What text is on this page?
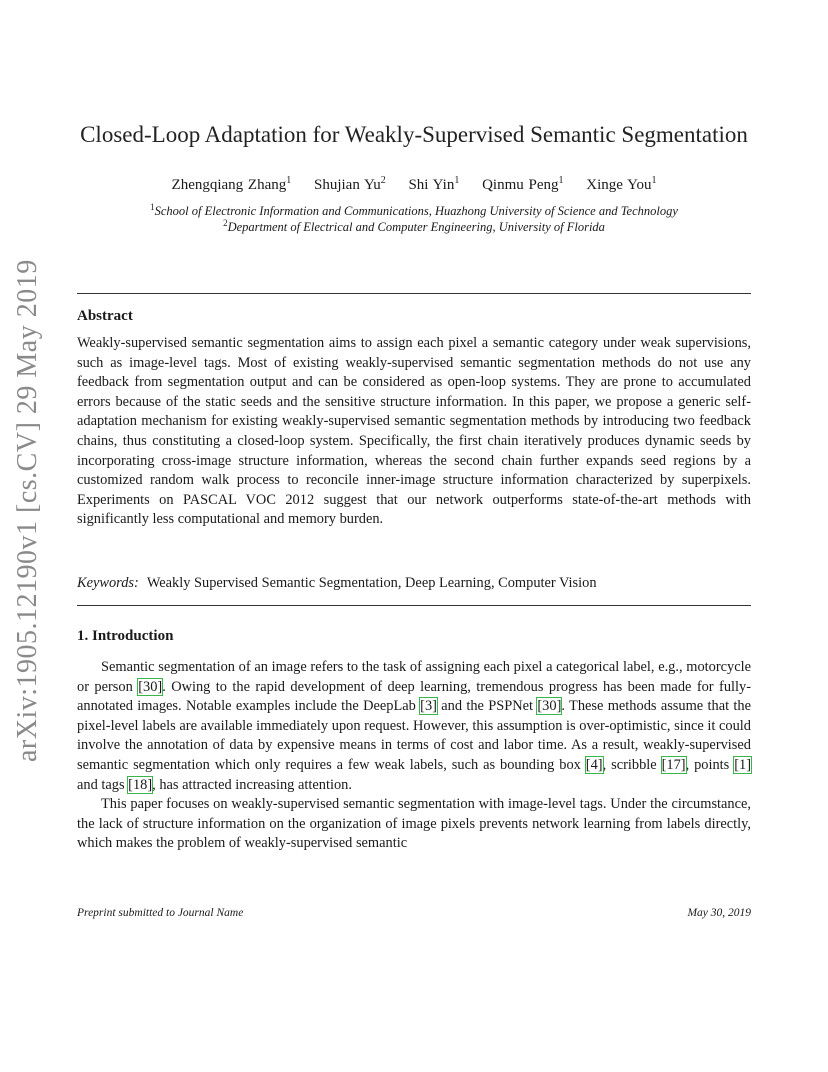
arXiv:1905.12190v1 [cs.CV] 29 May 2019
Closed-Loop Adaptation for Weakly-Supervised Semantic Segmentation
Zhengqiang Zhang$^1$ Shujian Yu$^2$ Shi Yin$^1$ Qinmu Peng$^1$ Xinge You$^1$
$^1$School of Electronic Information and Communications, Huazhong University of Science and Technology
$^2$Department of Electrical and Computer Engineering, University of Florida
Abstract

Weakly-supervised semantic segmentation aims to assign each pixel a semantic category under weak supervisions, such as image-level tags. Most of existing weakly-supervised semantic segmentation methods do not use any feedback from segmentation output and can be considered as open-loop systems. They are prone to accumulated errors because of the static seeds and the sensitive structure information. In this paper, we propose a generic self-adaptation mechanism for existing weakly-supervised semantic segmentation methods by introducing two feedback chains, thus constituting a closed-loop system. Specifically, the first chain iteratively produces dynamic seeds by incorporating cross-image structure information, whereas the second chain further expands seed regions by a customized random walk process to reconcile inner-image structure information characterized by superpixels. Experiments on PASCAL VOC 2012 suggest that our network outperforms state-of-the-art methods with significantly less computational and memory burden.

Keywords: Weakly Supervised Semantic Segmentation, Deep Learning, Computer Vision
1. Introduction

Semantic segmentation of an image refers to the task of assigning each pixel a categorical label, e.g., motorcycle or person [30]. Owing to the rapid development of deep learning, tremendous progress has been made for fully-annotated images. Notable examples include the DeepLab [3] and the PSPNet [30]. These methods assume that the pixel-level labels are available immediately upon request. However, this assumption is over-optimistic, since it could involve the annotation of data by expensive means in terms of cost and labor time. As a result, weakly-supervised semantic segmentation which only requires a few weak labels, such as bounding box [4], scribble [17], points [1] and tags [18], has attracted increasing attention.

This paper focuses on weakly-supervised semantic segmentation with image-level tags. Under the circumstance, the lack of structure information on the organization of image pixels prevents network learning from labels directly, which makes the problem of weakly-supervised semantic

Preprint submitted to Journal Name	May 30, 2019
